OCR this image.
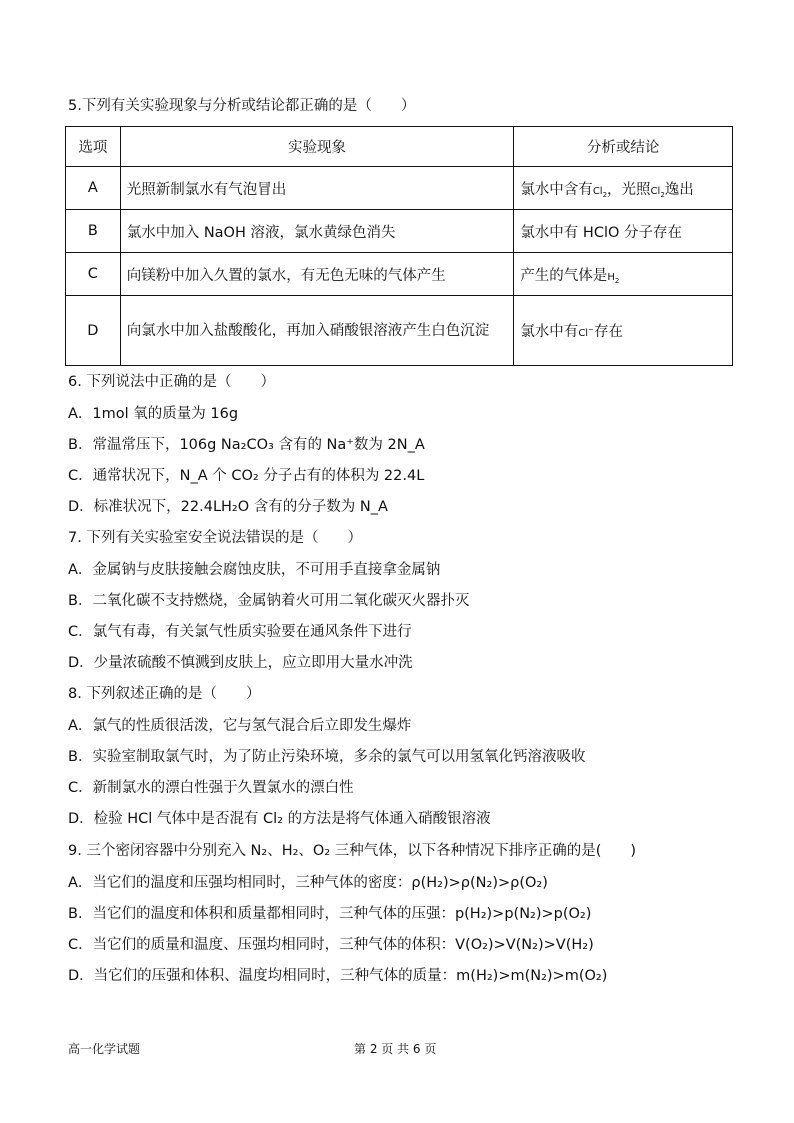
5.下列有关实验现象与分析或结论都正确的是（　　）
选项	实验现象	分析或结论
A	光照新制氯水有气泡冒出	氯水中含有$Cl_2$，光照$Cl_2$逸出
B	氯水中加入 NaOH 溶液，氯水黄绿色消失	氯水中有 HClO 分子存在
C	向镁粉中加入久置的氯水，有无色无味的气体产生	产生的气体是$H_2$
D	向氯水中加入盐酸酸化，再加入硝酸银溶液产生白色沉淀	氯水中有Cl−存在
6. 下列说法中正确的是（　　）
A．1mol 氧的质量为 16g
B．常温常压下，106g Na₂CO₃ 含有的 Na⁺数为 2N_A
C．通常状况下，N_A 个 CO₂ 分子占有的体积为 22.4L
D．标准状况下，22.4LH₂O 含有的分子数为 N_A
7. 下列有关实验室安全说法错误的是（　　）
A．金属钠与皮肤接触会腐蚀皮肤，不可用手直接拿金属钠
B．二氧化碳不支持燃烧，金属钠着火可用二氧化碳灭火器扑灭
C．氯气有毒，有关氯气性质实验要在通风条件下进行
D．少量浓硫酸不慎溅到皮肤上，应立即用大量水冲洗
8. 下列叙述正确的是（　　）
A．氯气的性质很活泼，它与氢气混合后立即发生爆炸
B．实验室制取氯气时，为了防止污染环境，多余的氯气可以用氢氧化钙溶液吸收
C．新制氯水的漂白性强于久置氯水的漂白性
D．检验 HCl 气体中是否混有 Cl₂ 的方法是将气体通入硝酸银溶液
9. 三个密闭容器中分别充入 N₂、H₂、O₂ 三种气体，以下各种情况下排序正确的是(　　)
A．当它们的温度和压强均相同时，三种气体的密度：ρ(H₂)>ρ(N₂)>ρ(O₂)
B．当它们的温度和体积和质量都相同时，三种气体的压强：p(H₂)>p(N₂)>p(O₂)
C．当它们的质量和温度、压强均相同时，三种气体的体积：V(O₂)>V(N₂)>V(H₂)
D．当它们的压强和体积、温度均相同时，三种气体的质量：m(H₂)>m(N₂)>m(O₂)
高一化学试题	第 2 页 共 6 页
